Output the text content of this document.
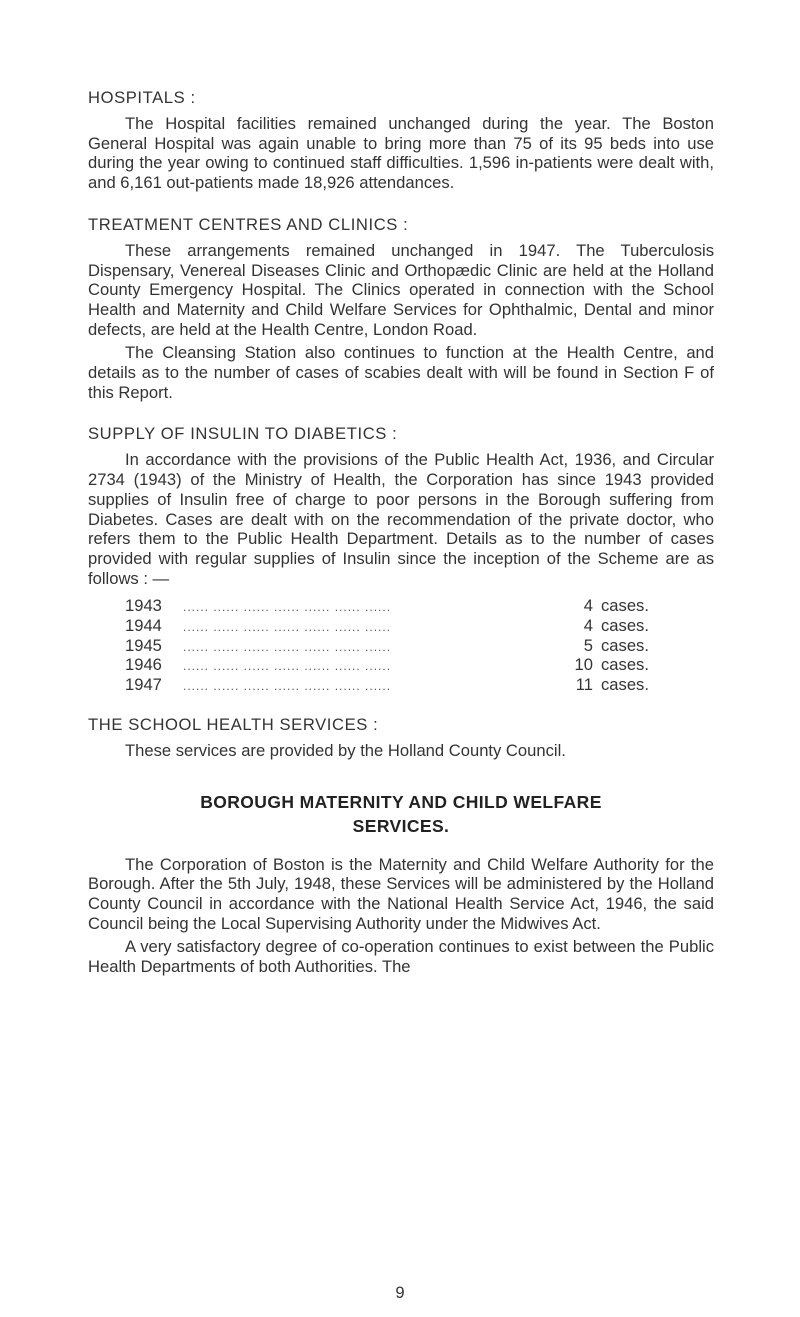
HOSPITALS :

The Hospital facilities remained unchanged during the year. The Boston General Hospital was again unable to bring more than 75 of its 95 beds into use during the year owing to continued staff difficulties. 1,596 in-patients were dealt with, and 6,161 out-patients made 18,926 attendances.

TREATMENT CENTRES AND CLINICS :

These arrangements remained unchanged in 1947. The Tuberculosis Dispensary, Venereal Diseases Clinic and Orthopædic Clinic are held at the Holland County Emergency Hospital. The Clinics operated in connection with the School Health and Maternity and Child Welfare Services for Ophthalmic, Dental and minor defects, are held at the Health Centre, London Road.

The Cleansing Station also continues to function at the Health Centre, and details as to the number of cases of scabies dealt with will be found in Section F of this Report.

SUPPLY OF INSULIN TO DIABETICS :

In accordance with the provisions of the Public Health Act, 1936, and Circular 2734 (1943) of the Ministry of Health, the Corporation has since 1943 provided supplies of Insulin free of charge to poor persons in the Borough suffering from Diabetes. Cases are dealt with on the recommendation of the private doctor, who refers them to the Public Health Department. Details as to the number of cases provided with regular supplies of Insulin since the inception of the Scheme are as follows : —

1943	...... ...... ...... ...... ...... ...... ......	4 cases.
1944	...... ...... ...... ...... ...... ...... ......	4 cases.
1945	...... ...... ...... ...... ...... ...... ......	5 cases.
1946	...... ...... ...... ...... ...... ...... ......	10 cases.
1947	...... ...... ...... ...... ...... ...... ......	11 cases.
THE SCHOOL HEALTH SERVICES :

These services are provided by the Holland County Council.

BOROUGH MATERNITY AND CHILD WELFARE
SERVICES.

The Corporation of Boston is the Maternity and Child Welfare Authority for the Borough. After the 5th July, 1948, these Services will be administered by the Holland County Council in accordance with the National Health Service Act, 1946, the said Council being the Local Supervising Authority under the Midwives Act.

A very satisfactory degree of co-operation continues to exist between the Public Health Departments of both Authorities. The

9
